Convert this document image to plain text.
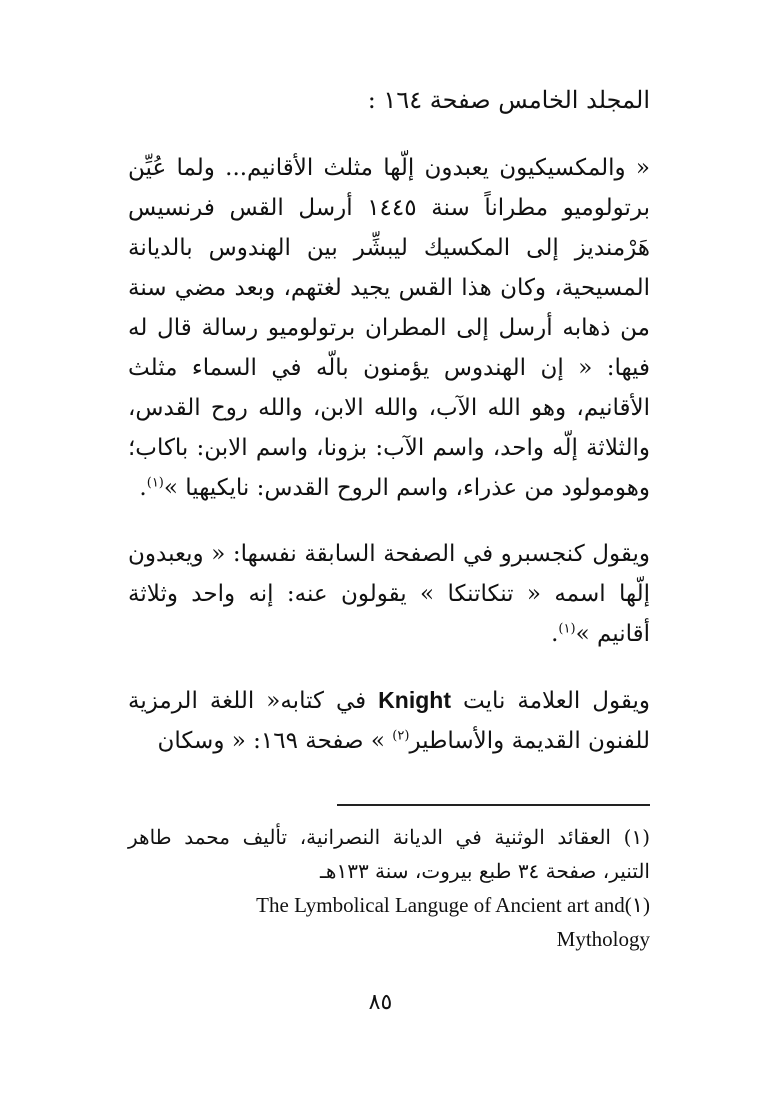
المجلد الخامس صفحة ١٦٤ :

« والمكسيكيون يعبدون إلّها مثلث الأقانيم... ولما عُيِّن برتولوميو مطراناً سنة ١٤٤٥ أرسل القس فرنسيس هَرْمنديز إلى المكسيك ليبشِّر بين الهندوس بالديانة المسيحية، وكان هذا القس يجيد لغتهم، وبعد مضي سنة من ذهابه أرسل إلى المطران برتولوميو رسالة قال له فيها: « إن الهندوس يؤمنون بالّه في السماء مثلث الأقانيم، وهو الله الآب، والله الابن، والله روح القدس، والثلاثة إلّه واحد، واسم الآب: بزونا، واسم الابن: باكاب؛ وهومولود من عذراء، واسم الروح القدس: نايكيهيا »$^{(١)}$.

ويقول كنجسبرو في الصفحة السابقة نفسها: « ويعبدون إلّها اسمه « تنكاتنكا » يقولون عنه: إنه واحد وثلاثة أقانيم »$^{(١)}$.

ويقول العلامة نايت Knight في كتابه« اللغة الرمزية للفنون القديمة والأساطير$^{(٢)}$ » صفحة ١٦٩: « وسكان

(١) العقائد الوثنية في الديانة النصرانية، تأليف محمد طاهر التنير، صفحة ٣٤ طبع بيروت، سنة ١٣٣هـ

The Lymbolical Languge of Ancient art and(١)

Mythology

٨٥
